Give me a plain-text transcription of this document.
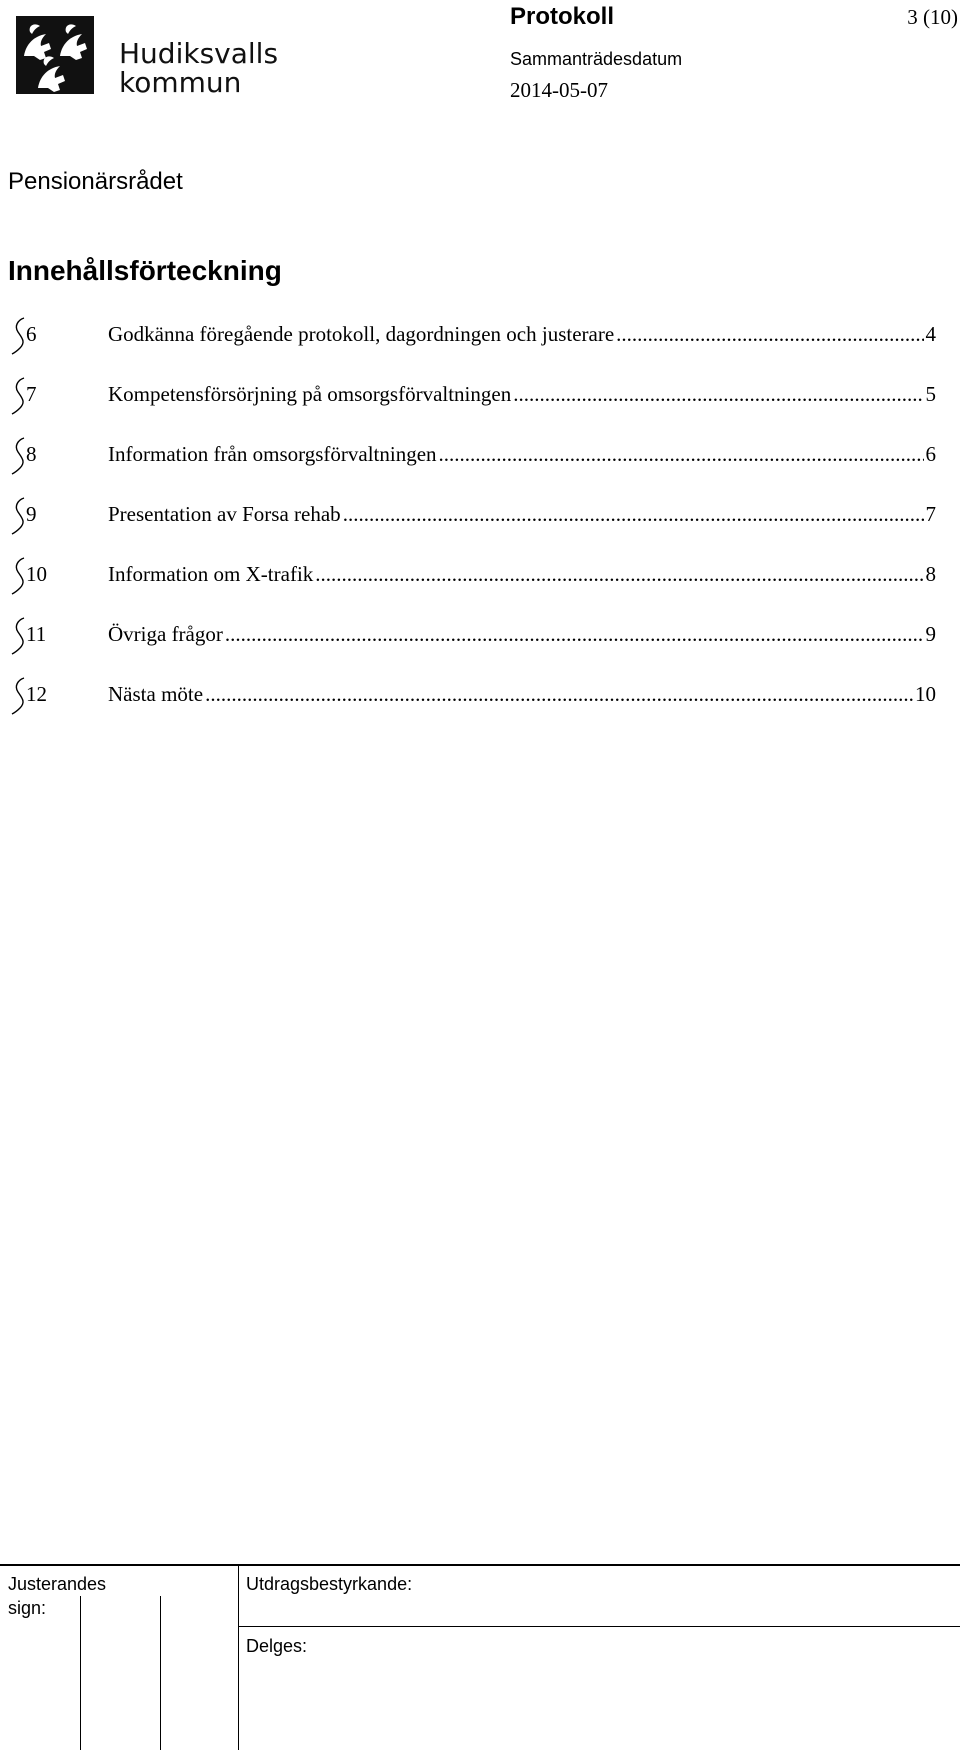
Hudiksvalls
kommun
Protokoll	3 (10)
Sammanträdesdatum
2014-05-07
Pensionärsrådet
Innehållsförteckning
6	Godkänna föregående protokoll, dagordningen och justerare .....	4
7	Kompetensförsörjning på omsorgsförvaltningen .....	5
8	Information från omsorgsförvaltningen .....	6
9	Presentation av Forsa rehab .....	7
10	Information om X-trafik .....	8
11	Övriga frågor .....	9
12	Nästa möte .....	10
Justerandes sign:
Utdragsbestyrkande:
Delges:
